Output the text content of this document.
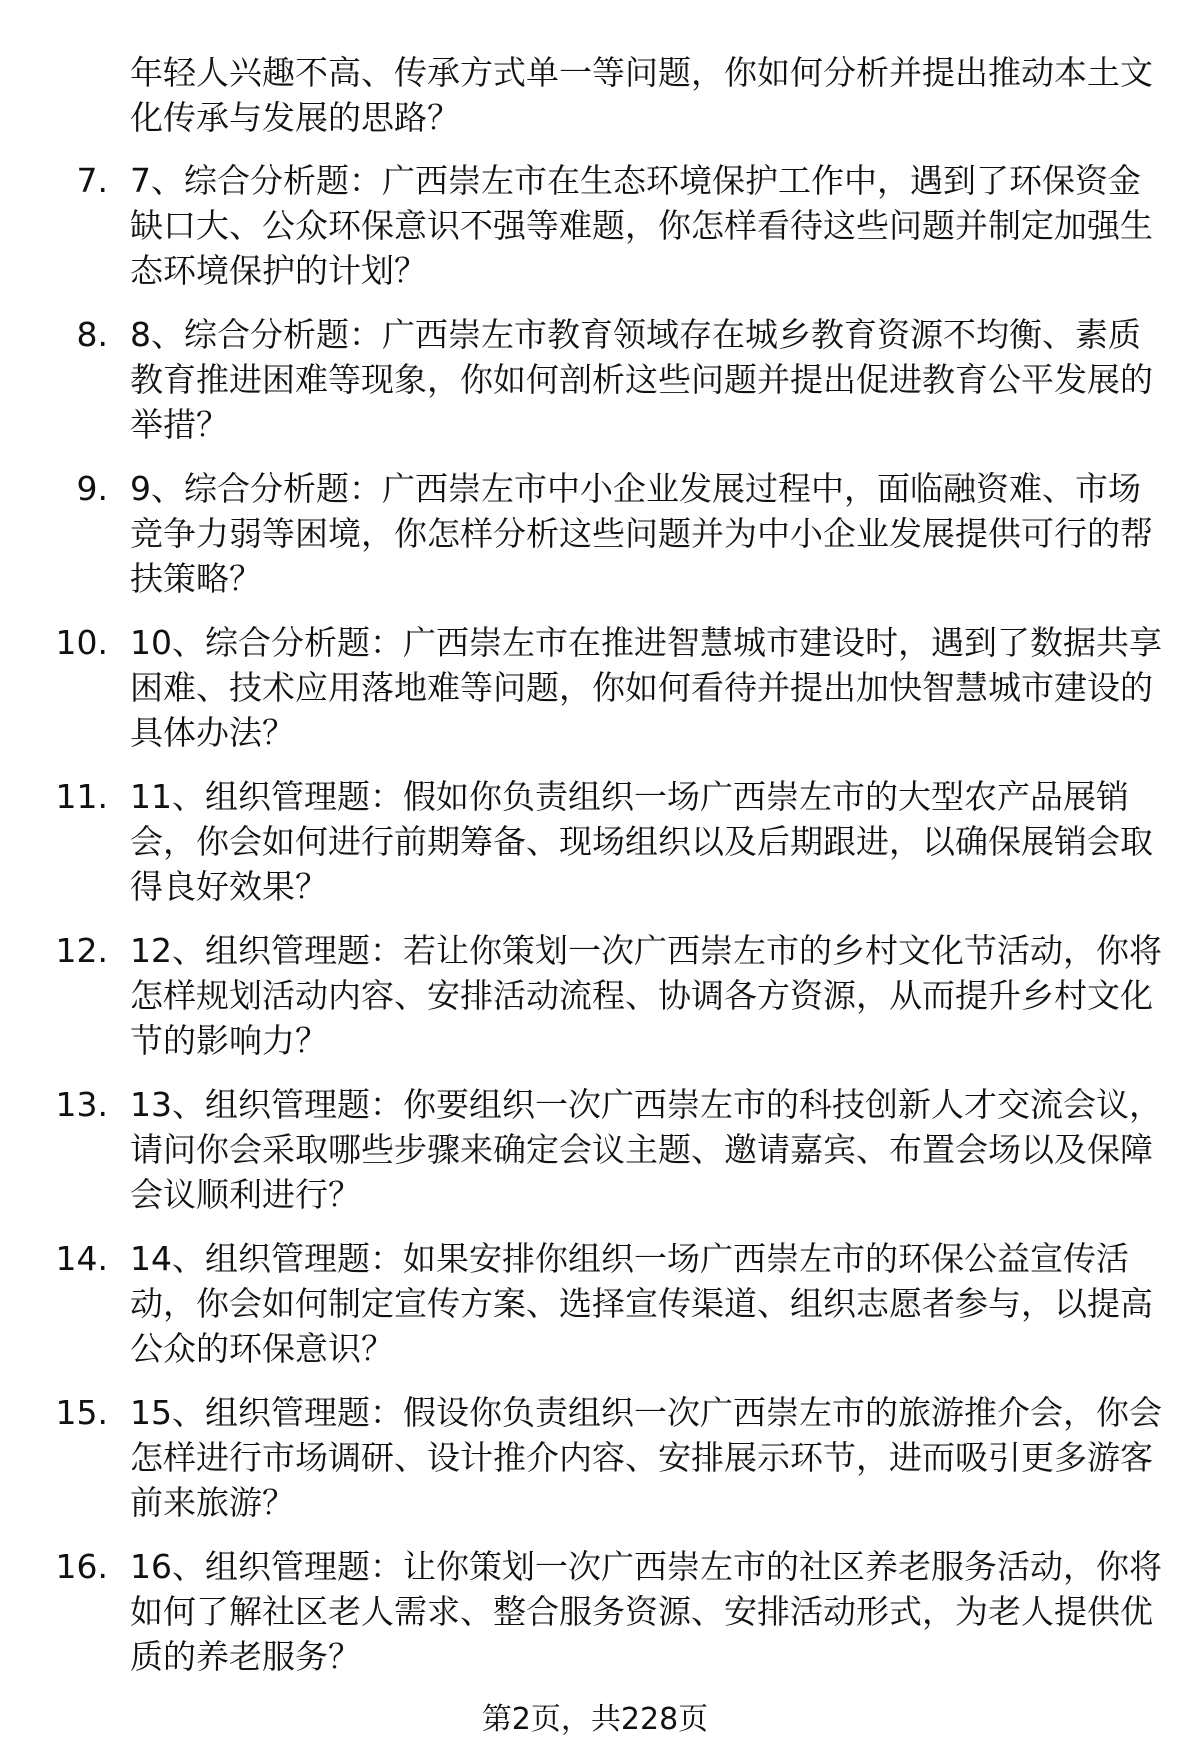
年轻人兴趣不高、传承方式单一等问题，你如何分析并提出推动本土文化传承与发展的思路？

7. 7、综合分析题：广西崇左市在生态环境保护工作中，遇到了环保资金缺口大、公众环保意识不强等难题，你怎样看待这些问题并制定加强生态环境保护的计划？
8. 8、综合分析题：广西崇左市教育领域存在城乡教育资源不均衡、素质教育推进困难等现象，你如何剖析这些问题并提出促进教育公平发展的举措？
9. 9、综合分析题：广西崇左市中小企业发展过程中，面临融资难、市场竞争力弱等困境，你怎样分析这些问题并为中小企业发展提供可行的帮扶策略？
10. 10、综合分析题：广西崇左市在推进智慧城市建设时，遇到了数据共享困难、技术应用落地难等问题，你如何看待并提出加快智慧城市建设的具体办法？
11. 11、组织管理题：假如你负责组织一场广西崇左市的大型农产品展销会，你会如何进行前期筹备、现场组织以及后期跟进，以确保展销会取得良好效果？
12. 12、组织管理题：若让你策划一次广西崇左市的乡村文化节活动，你将怎样规划活动内容、安排活动流程、协调各方资源，从而提升乡村文化节的影响力？
13. 13、组织管理题：你要组织一次广西崇左市的科技创新人才交流会议，请问你会采取哪些步骤来确定会议主题、邀请嘉宾、布置会场以及保障会议顺利进行？
14. 14、组织管理题：如果安排你组织一场广西崇左市的环保公益宣传活动，你会如何制定宣传方案、选择宣传渠道、组织志愿者参与，以提高公众的环保意识？
15. 15、组织管理题：假设你负责组织一次广西崇左市的旅游推介会，你会怎样进行市场调研、设计推介内容、安排展示环节，进而吸引更多游客前来旅游？
16. 16、组织管理题：让你策划一次广西崇左市的社区养老服务活动，你将如何了解社区老人需求、整合服务资源、安排活动形式，为老人提供优质的养老服务？
第2页，共228页
